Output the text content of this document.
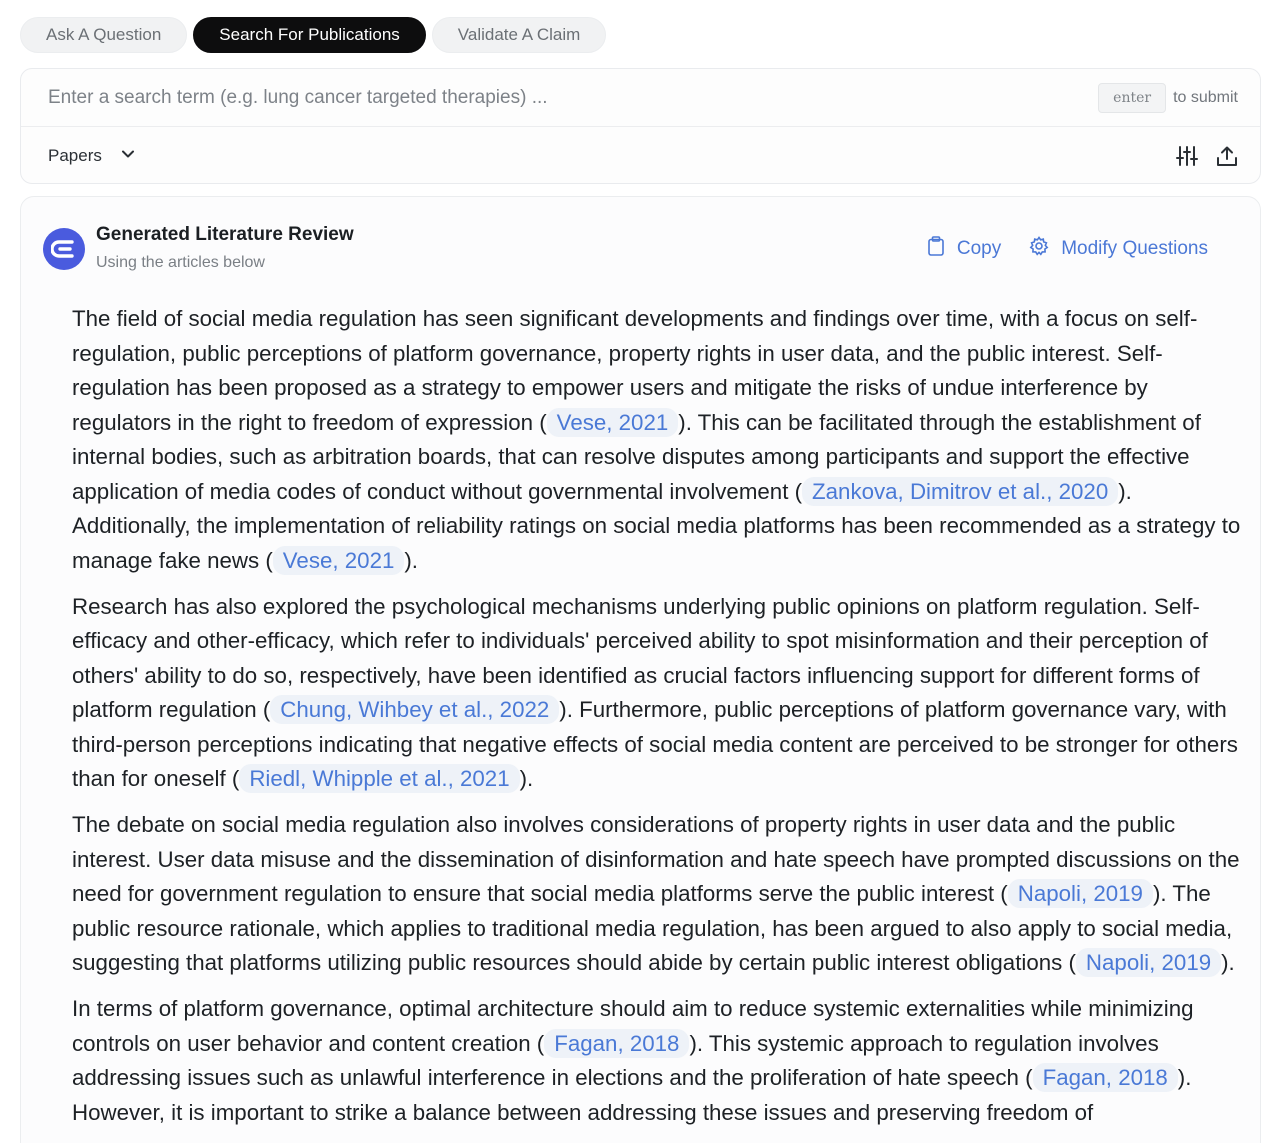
Ask A Question	Search For Publications	Validate A Claim
Enter a search term (e.g. lung cancer targeted therapies) ...
enter	to submit
Papers
Generated Literature Review
Using the articles below
Copy	Modify Questions

The field of social media regulation has seen significant developments and findings over time, with a focus on self-regulation, public perceptions of platform governance, property rights in user data, and the public interest. Self-regulation has been proposed as a strategy to empower users and mitigate the risks of undue interference by regulators in the right to freedom of expression ( Vese, 2021 ). This can be facilitated through the establishment of internal bodies, such as arbitration boards, that can resolve disputes among participants and support the effective application of media codes of conduct without governmental involvement ( Zankova, Dimitrov et al., 2020 ). Additionally, the implementation of reliability ratings on social media platforms has been recommended as a strategy to manage fake news ( Vese, 2021 ).

Research has also explored the psychological mechanisms underlying public opinions on platform regulation. Self-efficacy and other-efficacy, which refer to individuals' perceived ability to spot misinformation and their perception of others' ability to do so, respectively, have been identified as crucial factors influencing support for different forms of platform regulation ( Chung, Wihbey et al., 2022 ). Furthermore, public perceptions of platform governance vary, with third-person perceptions indicating that negative effects of social media content are perceived to be stronger for others than for oneself ( Riedl, Whipple et al., 2021 ).

The debate on social media regulation also involves considerations of property rights in user data and the public interest. User data misuse and the dissemination of disinformation and hate speech have prompted discussions on the need for government regulation to ensure that social media platforms serve the public interest ( Napoli, 2019 ). The public resource rationale, which applies to traditional media regulation, has been argued to also apply to social media, suggesting that platforms utilizing public resources should abide by certain public interest obligations ( Napoli, 2019 ).

In terms of platform governance, optimal architecture should aim to reduce systemic externalities while minimizing controls on user behavior and content creation ( Fagan, 2018 ). This systemic approach to regulation involves addressing issues such as unlawful interference in elections and the proliferation of hate speech ( Fagan, 2018 ). However, it is important to strike a balance between addressing these issues and preserving freedom of
